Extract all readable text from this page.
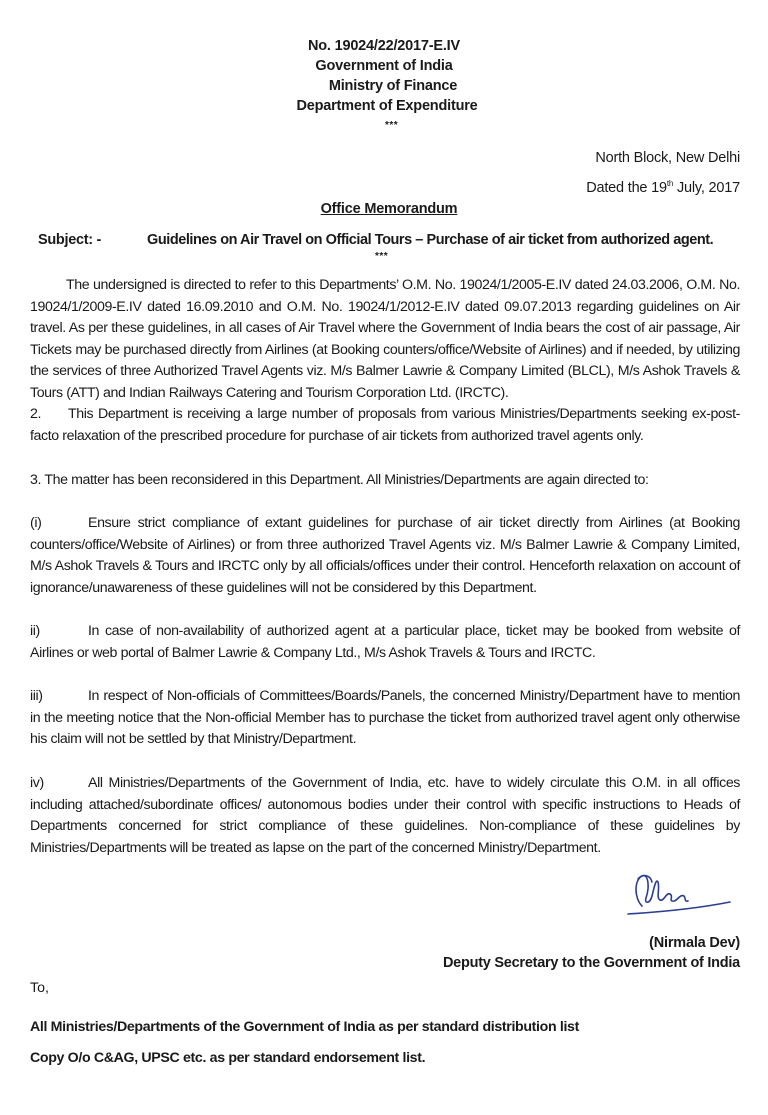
No. 19024/22/2017-E.IV
Government of India
Ministry of Finance
Department of Expenditure
***
North Block, New Delhi
Dated the 19th July, 2017
Office Memorandum
Subject: -	Guidelines on Air Travel on Official Tours – Purchase of air ticket from authorized agent.
***
The undersigned is directed to refer to this Departments’ O.M. No. 19024/1/2005-E.IV dated 24.03.2006, O.M. No. 19024/1/2009-E.IV dated 16.09.2010 and O.M. No. 19024/1/2012-E.IV dated 09.07.2013 regarding guidelines on Air travel. As per these guidelines, in all cases of Air Travel where the Government of India bears the cost of air passage, Air Tickets may be purchased directly from Airlines (at Booking counters/office/Website of Airlines) and if needed, by utilizing the services of three Authorized Travel Agents viz. M/s Balmer Lawrie & Company Limited (BLCL), M/s Ashok Travels & Tours (ATT) and Indian Railways Catering and Tourism Corporation Ltd. (IRCTC).
2. This Department is receiving a large number of proposals from various Ministries/Departments seeking ex-post-facto relaxation of the prescribed procedure for purchase of air tickets from authorized travel agents only.
3. The matter has been reconsidered in this Department. All Ministries/Departments are again directed to:
(i)	Ensure strict compliance of extant guidelines for purchase of air ticket directly from Airlines (at Booking counters/office/Website of Airlines) or from three authorized Travel Agents viz. M/s Balmer Lawrie & Company Limited, M/s Ashok Travels & Tours and IRCTC only by all officials/offices under their control. Henceforth relaxation on account of ignorance/unawareness of these guidelines will not be considered by this Department.
ii)	In case of non-availability of authorized agent at a particular place, ticket may be booked from website of Airlines or web portal of Balmer Lawrie & Company Ltd., M/s Ashok Travels & Tours and IRCTC.
iii)	In respect of Non-officials of Committees/Boards/Panels, the concerned Ministry/Department have to mention in the meeting notice that the Non-official Member has to purchase the ticket from authorized travel agent only otherwise his claim will not be settled by that Ministry/Department.
iv)	All Ministries/Departments of the Government of India, etc. have to widely circulate this O.M. in all offices including attached/subordinate offices/ autonomous bodies under their control with specific instructions to Heads of Departments concerned for strict compliance of these guidelines. Non-compliance of these guidelines by Ministries/Departments will be treated as lapse on the part of the concerned Ministry/Department.
(Nirmala Dev)
Deputy Secretary to the Government of India
To,
All Ministries/Departments of the Government of India as per standard distribution list
Copy O/o C&AG, UPSC etc. as per standard endorsement list.
